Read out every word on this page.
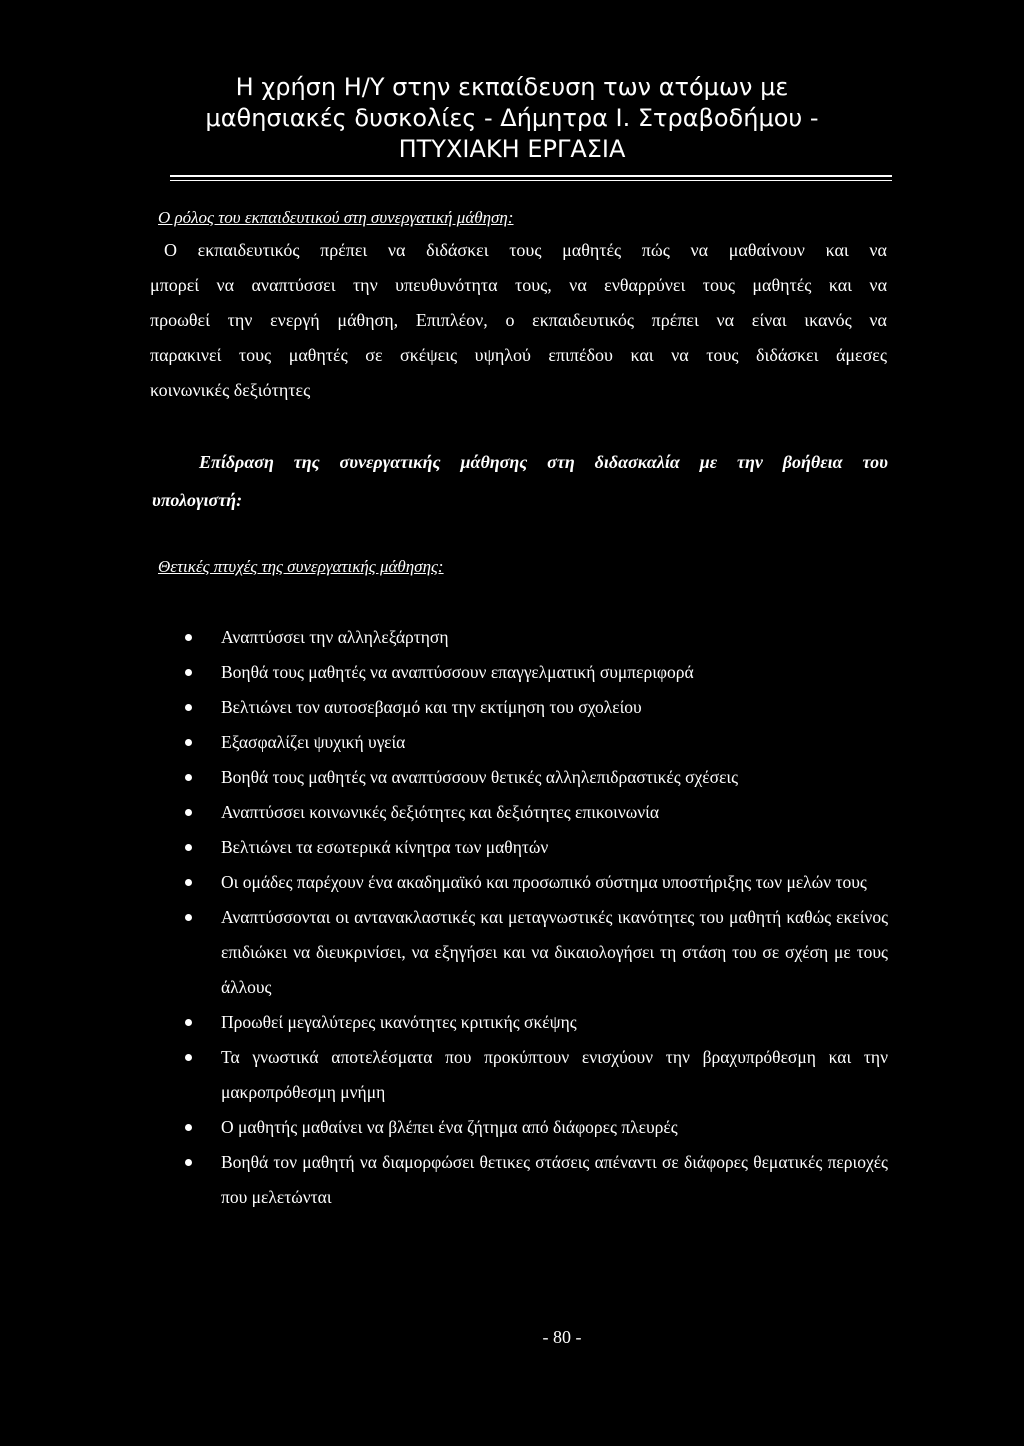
Η χρήση Η/Υ στην εκπαίδευση των ατόμων με
μαθησιακές δυσκολίες - Δήμητρα Ι. Στραβοδήμου -
ΠΤΥΧΙΑΚΗ ΕΡΓΑΣΙΑ
Ο ρόλος του εκπαιδευτικού στη συνεργατική μάθηση:
Ο εκπαιδευτικός πρέπει να διδάσκει τους μαθητές πώς να μαθαίνουν και να
μπορεί να αναπτύσσει την υπευθυνότητα τους, να ενθαρρύνει τους μαθητές και να
προωθεί την ενεργή μάθηση, Επιπλέον, ο εκπαιδευτικός πρέπει να είναι ικανός να
παρακινεί τους μαθητές σε σκέψεις υψηλού επιπέδου και να τους διδάσκει άμεσες
κοινωνικές δεξιότητες
Επίδραση της συνεργατικής μάθησης στη διδασκαλία με την βοήθεια του
υπολογιστή:
Θετικές πτυχές της συνεργατικής μάθησης:
Αναπτύσσει την αλληλεξάρτηση
Βοηθά τους μαθητές να αναπτύσσουν επαγγελματική συμπεριφορά
Βελτιώνει τον αυτοσεβασμό και την εκτίμηση του σχολείου
Εξασφαλίζει ψυχική υγεία
Βοηθά τους μαθητές να αναπτύσσουν θετικές αλληλεπιδραστικές σχέσεις
Αναπτύσσει κοινωνικές δεξιότητες και δεξιότητες επικοινωνία
Βελτιώνει τα εσωτερικά κίνητρα των μαθητών
Οι ομάδες παρέχουν ένα ακαδημαϊκό και προσωπικό σύστημα υποστήριξης των μελών τους
Αναπτύσσονται οι αντανακλαστικές και μεταγνωστικές ικανότητες του μαθητή καθώς εκείνος επιδιώκει να διευκρινίσει, να εξηγήσει και να δικαιολογήσει τη στάση του σε σχέση με τους άλλους
Προωθεί μεγαλύτερες ικανότητες κριτικής σκέψης
Τα γνωστικά αποτελέσματα που προκύπτουν ενισχύουν την βραχυπρόθεσμη και την μακροπρόθεσμη μνήμη
Ο μαθητής μαθαίνει να βλέπει ένα ζήτημα από διάφορες πλευρές
Βοηθά τον μαθητή να διαμορφώσει θετικες στάσεις απέναντι σε διάφορες θεματικές περιοχές που μελετώνται
- 80 -
